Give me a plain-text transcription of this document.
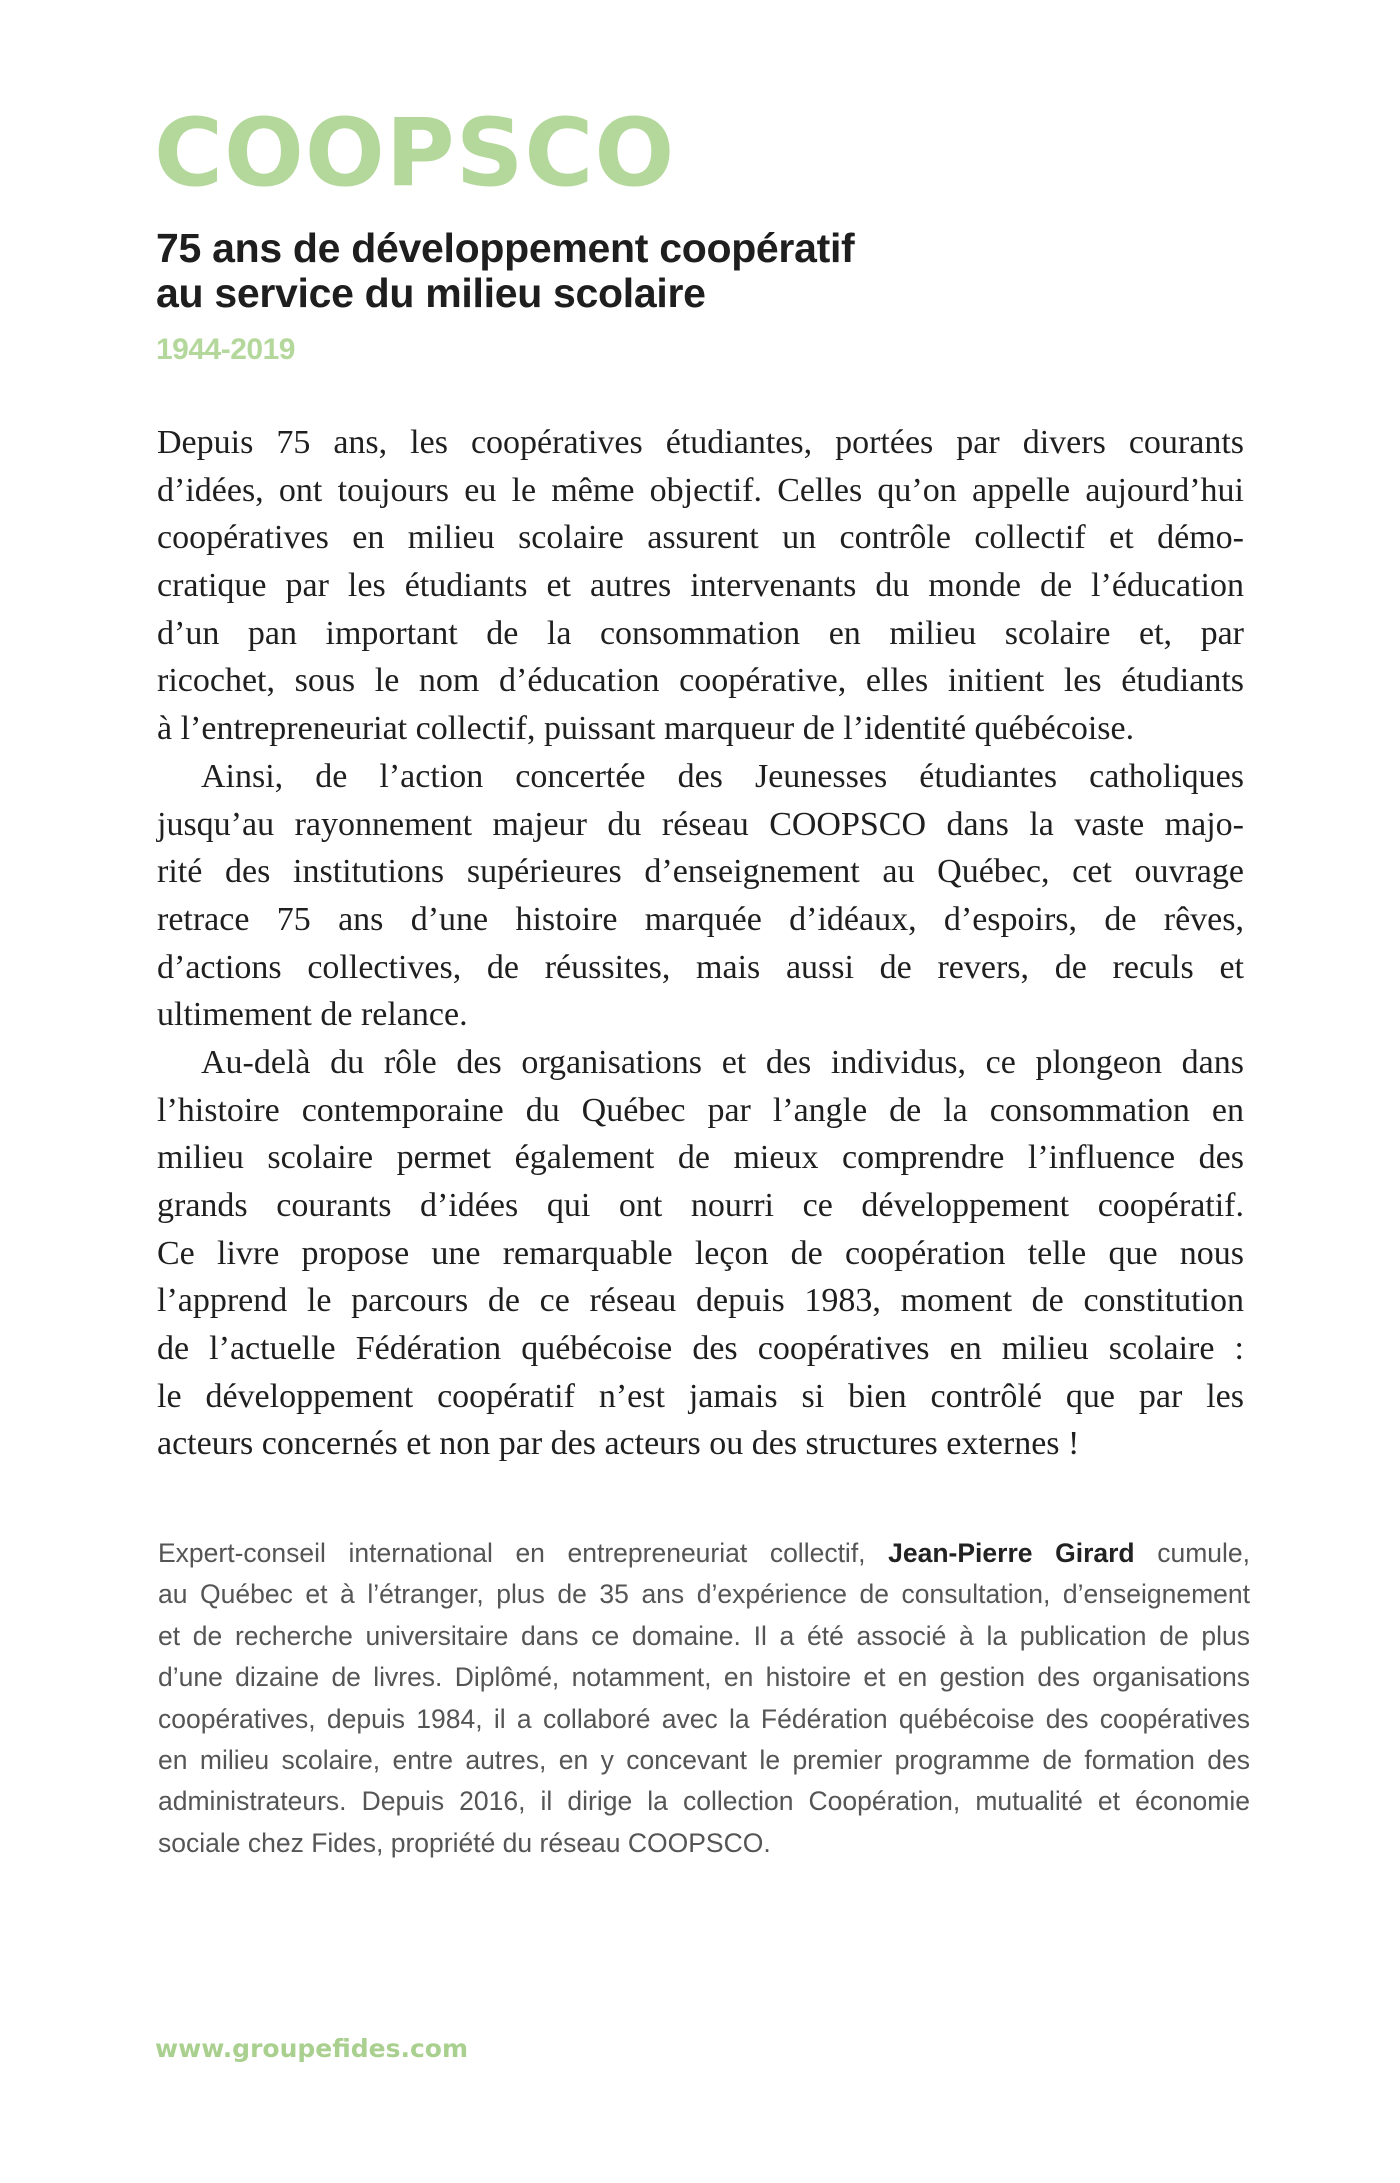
COOPSCO
75 ans de développement coopératif
au service du milieu scolaire
1944-2019
Depuis 75 ans, les coopératives étudiantes, portées par divers courants
d’idées, ont toujours eu le même objectif. Celles qu’on appelle aujourd’hui
coopératives en milieu scolaire assurent un contrôle collectif et démo-
cratique par les étudiants et autres intervenants du monde de l’éducation
d’un pan important de la consommation en milieu scolaire et, par
ricochet, sous le nom d’éducation coopérative, elles initient les étudiants
à l’entrepreneuriat collectif, puissant marqueur de l’identité québécoise.
Ainsi, de l’action concertée des Jeunesses étudiantes catholiques
jusqu’au rayonnement majeur du réseau COOPSCO dans la vaste majo-
rité des institutions supérieures d’enseignement au Québec, cet ouvrage
retrace 75 ans d’une histoire marquée d’idéaux, d’espoirs, de rêves,
d’actions collectives, de réussites, mais aussi de revers, de reculs et
ultimement de relance.
Au-delà du rôle des organisations et des individus, ce plongeon dans
l’histoire contemporaine du Québec par l’angle de la consommation en
milieu scolaire permet également de mieux comprendre l’influence des
grands courants d’idées qui ont nourri ce développement coopératif.
Ce livre propose une remarquable leçon de coopération telle que nous
l’apprend le parcours de ce réseau depuis 1983, moment de constitution
de l’actuelle Fédération québécoise des coopératives en milieu scolaire :
le développement coopératif n’est jamais si bien contrôlé que par les
acteurs concernés et non par des acteurs ou des structures externes !
Expert-conseil international en entrepreneuriat collectif, Jean-Pierre Girard cumule,
au Québec et à l’étranger, plus de 35 ans d’expérience de consultation, d’enseignement
et de recherche universitaire dans ce domaine. Il a été associé à la publication de plus
d’une dizaine de livres. Diplômé, notamment, en histoire et en gestion des organisations
coopératives, depuis 1984, il a collaboré avec la Fédération québécoise des coopératives
en milieu scolaire, entre autres, en y concevant le premier programme de formation des
administrateurs. Depuis 2016, il dirige la collection Coopération, mutualité et économie
sociale chez Fides, propriété du réseau COOPSCO.
www.groupefides.com
